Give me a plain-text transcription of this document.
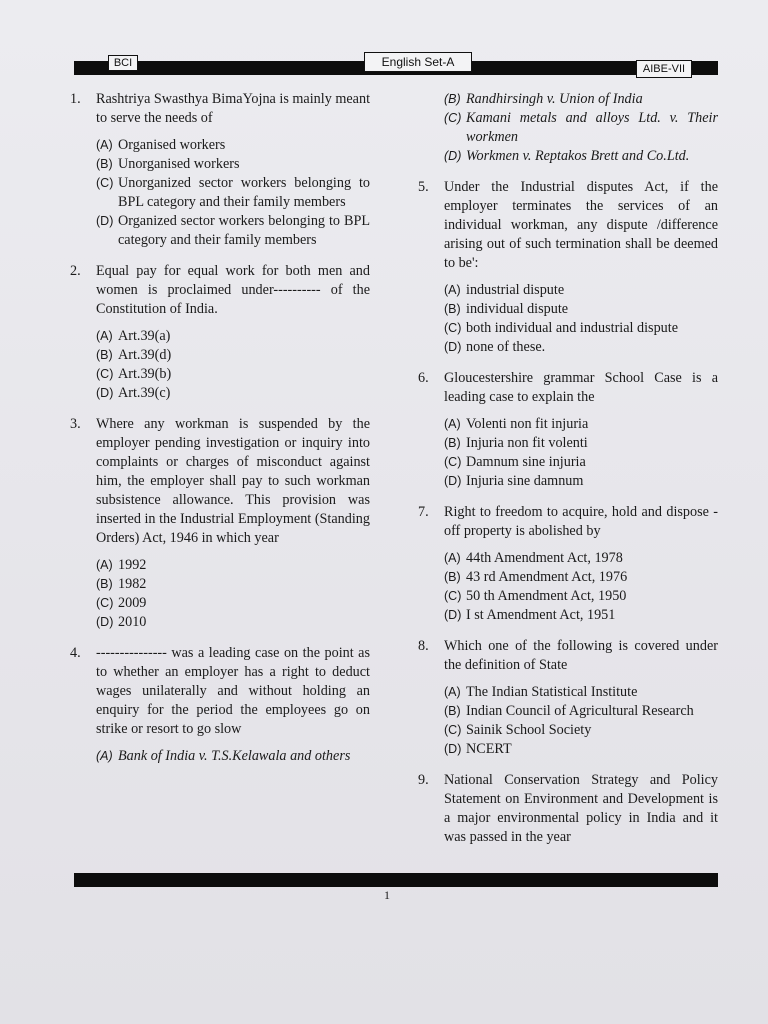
BCI	English Set-A	AIBE-VII
1. Rashtriya Swasthya BimaYojna is mainly meant to serve the needs of
(A) Organised workers
(B) Unorganised workers
(C) Unorganized sector workers belonging to BPL category and their family members
(D) Organized sector workers belonging to BPL category and their family members
2. Equal pay for equal work for both men and women is proclaimed under---------- of the Constitution of India.
(A) Art.39(a)
(B) Art.39(d)
(C) Art.39(b)
(D) Art.39(c)
3. Where any workman is suspended by the employer pending investigation or inquiry into complaints or charges of misconduct against him, the employer shall pay to such workman subsistence allowance. This provision was inserted in the Industrial Employment (Standing Orders) Act, 1946 in which year
(A) 1992
(B) 1982
(C) 2009
(D) 2010
4. --------------- was a leading case on the point as to whether an employer has a right to deduct wages unilaterally and without holding an enquiry for the period the employees go on strike or resort to go slow
(A) Bank of India v. T.S.Kelawala and others
(B) Randhirsingh v. Union of India
(C) Kamani metals and alloys Ltd. v. Their workmen
(D) Workmen v. Reptakos Brett and Co.Ltd.
5. Under the Industrial disputes Act, if the employer terminates the services of an individual workman, any dispute /difference arising out of such termination shall be deemed to be':
(A) industrial dispute
(B) individual dispute
(C) both individual and industrial dispute
(D) none of these.
6. Gloucestershire grammar School Case is a leading case to explain the
(A) Volenti non fit injuria
(B) Injuria non fit volenti
(C) Damnum sine injuria
(D) Injuria sine damnum
7. Right to freedom to acquire, hold and dispose -off property is abolished by
(A) 44th Amendment Act, 1978
(B) 43 rd Amendment Act, 1976
(C) 50 th Amendment Act, 1950
(D) I st Amendment Act, 1951
8. Which one of the following is covered under the definition of State
(A) The Indian Statistical Institute
(B) Indian Council of Agricultural Research
(C) Sainik School Society
(D) NCERT
9. National Conservation Strategy and Policy Statement on Environment and Development is a major environmental policy in India and it was passed in the year
1
